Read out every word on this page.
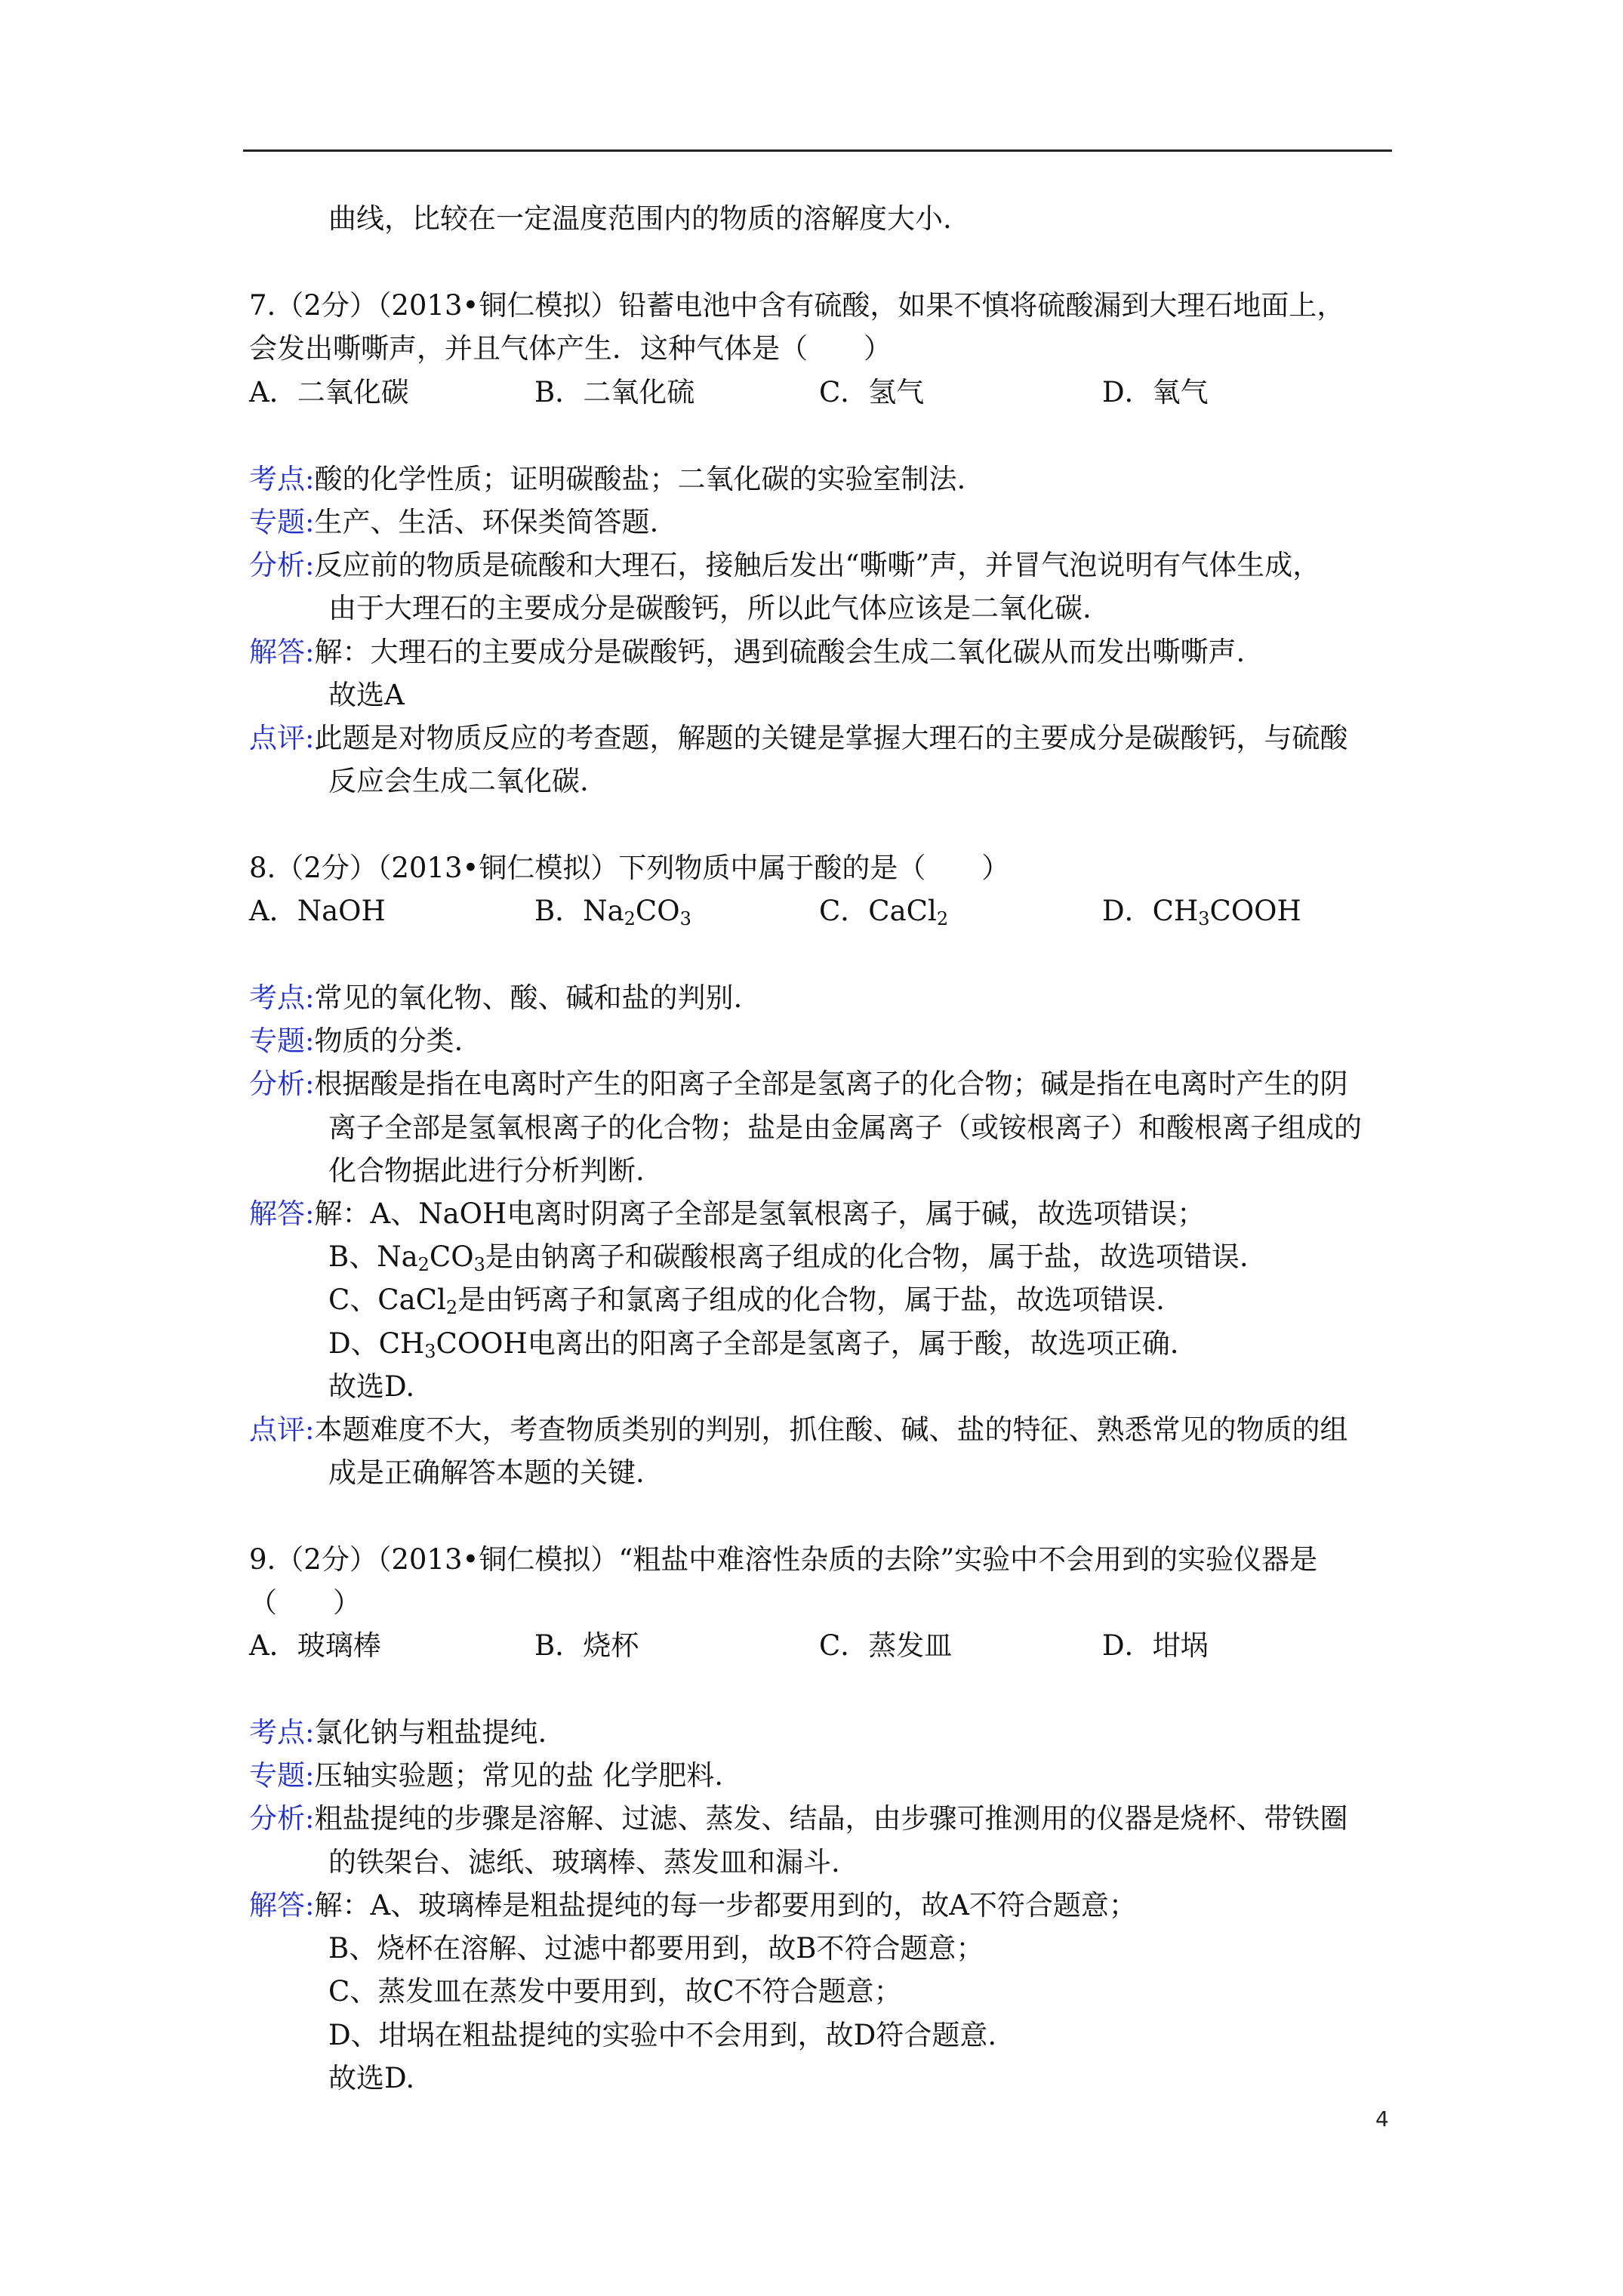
曲线，比较在一定温度范围内的物质的溶解度大小.
7.（2分）（2013•铜仁模拟）铅蓄电池中含有硫酸，如果不慎将硫酸漏到大理石地面上，
会发出嘶嘶声，并且气体产生．这种气体是（　　）
A．二氧化碳	B．二氧化硫	C．氢气	D．氧气
考点:酸的化学性质；证明碳酸盐；二氧化碳的实验室制法.
专题:生产、生活、环保类简答题.
分析:反应前的物质是硫酸和大理石，接触后发出“嘶嘶”声，并冒气泡说明有气体生成，
由于大理石的主要成分是碳酸钙，所以此气体应该是二氧化碳.
解答:解：大理石的主要成分是碳酸钙，遇到硫酸会生成二氧化碳从而发出嘶嘶声.
故选A
点评:此题是对物质反应的考查题，解题的关键是掌握大理石的主要成分是碳酸钙，与硫酸
反应会生成二氧化碳.
8.（2分）（2013•铜仁模拟）下列物质中属于酸的是（　　）
A．NaOH	B．$Na_2CO_3$	C．CaCl$_2$	D．$CH_3COOH$
考点:常见的氧化物、酸、碱和盐的判别.
专题:物质的分类.
分析:根据酸是指在电离时产生的阳离子全部是氢离子的化合物；碱是指在电离时产生的阴
离子全部是氢氧根离子的化合物；盐是由金属离子（或铵根离子）和酸根离子组成的
化合物据此进行分析判断.
解答:解：A、NaOH电离时阴离子全部是氢氧根离子，属于碱，故选项错误；
B、$Na_2CO_3$是由钠离子和碳酸根离子组成的化合物，属于盐，故选项错误.
C、CaCl$_2$是由钙离子和氯离子组成的化合物，属于盐，故选项错误.
D、$CH_3COOH$电离出的阳离子全部是氢离子，属于酸，故选项正确.
故选D.
点评:本题难度不大，考查物质类别的判别，抓住酸、碱、盐的特征、熟悉常见的物质的组
成是正确解答本题的关键.
9.（2分）（2013•铜仁模拟）“粗盐中难溶性杂质的去除”实验中不会用到的实验仪器是
（　　）
A．玻璃棒	B．烧杯	C．蒸发皿	D．坩埚
考点:氯化钠与粗盐提纯.
专题:压轴实验题；常见的盐 化学肥料.
分析:粗盐提纯的步骤是溶解、过滤、蒸发、结晶，由步骤可推测用的仪器是烧杯、带铁圈
的铁架台、滤纸、玻璃棒、蒸发皿和漏斗.
解答:解：A、玻璃棒是粗盐提纯的每一步都要用到的，故A不符合题意；
B、烧杯在溶解、过滤中都要用到，故B不符合题意；
C、蒸发皿在蒸发中要用到，故C不符合题意；
D、坩埚在粗盐提纯的实验中不会用到，故D符合题意.
故选D.
4
